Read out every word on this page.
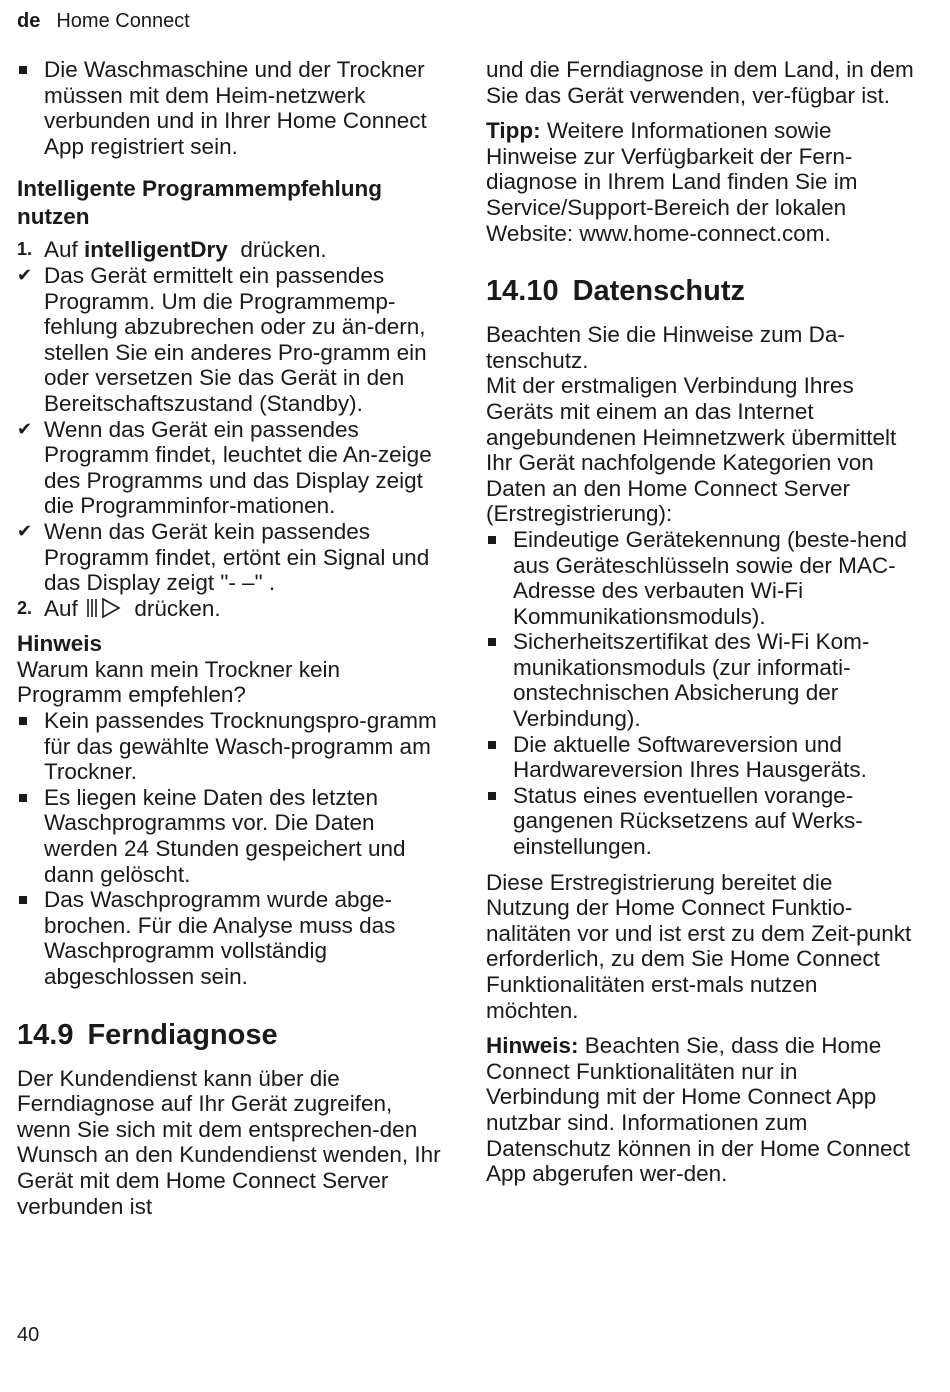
de Home Connect
Die Waschmaschine und der Trockner müssen mit dem Heim-netzwerk verbunden und in Ihrer Home Connect App registriert sein.
Intelligente Programmempfehlung nutzen
1. Auf intelligentDry drücken.
✔ Das Gerät ermittelt ein passendes Programm. Um die Programmemp-fehlung abzubrechen oder zu än-dern, stellen Sie ein anderes Pro-gramm ein oder versetzen Sie das Gerät in den Bereitschaftszustand (Standby).
✔ Wenn das Gerät ein passendes Programm findet, leuchtet die An-zeige des Programms und das Display zeigt die Programminfor-mationen.
✔ Wenn das Gerät kein passendes Programm findet, ertönt ein Signal und das Display zeigt "- –" .
2. Auf	drücken.
Hinweis

Warum kann mein Trockner kein Programm empfehlen?

Kein passendes Trocknungspro-gramm für das gewählte Wasch-programm am Trockner.
Es liegen keine Daten des letzten Waschprogramms vor. Die Daten werden 24 Stunden gespeichert und dann gelöscht.
Das Waschprogramm wurde abge-brochen. Für die Analyse muss das Waschprogramm vollständig abgeschlossen sein.
14.9 Ferndiagnose

Der Kundendienst kann über die Ferndiagnose auf Ihr Gerät zugreifen, wenn Sie sich mit dem entsprechen-den Wunsch an den Kundendienst wenden, Ihr Gerät mit dem Home Connect Server verbunden ist

und die Ferndiagnose in dem Land, in dem Sie das Gerät verwenden, ver-fügbar ist.

Tipp: Weitere Informationen sowie Hinweise zur Verfügbarkeit der Fern-diagnose in Ihrem Land finden Sie im Service/Support-Bereich der lokalen Website: www.home-connect.com.

14.10 Datenschutz

Beachten Sie die Hinweise zum Da-tenschutz.

Mit der erstmaligen Verbindung Ihres Geräts mit einem an das Internet angebundenen Heimnetzwerk übermittelt Ihr Gerät nachfolgende Kategorien von Daten an den Home Connect Server (Erstregistrierung):

Eindeutige Gerätekennung (beste-hend aus Geräteschlüsseln sowie der MAC-Adresse des verbauten Wi-Fi Kommunikationsmoduls).
Sicherheitszertifikat des Wi-Fi Kom-munikationsmoduls (zur informati-onstechnischen Absicherung der Verbindung).
Die aktuelle Softwareversion und Hardwareversion Ihres Hausgeräts.
Status eines eventuellen vorange-gangenen Rücksetzens auf Werks-einstellungen.

Diese Erstregistrierung bereitet die Nutzung der Home Connect Funktio-nalitäten vor und ist erst zu dem Zeit-punkt erforderlich, zu dem Sie Home Connect Funktionalitäten erst-mals nutzen möchten.

Hinweis: Beachten Sie, dass die Home Connect Funktionalitäten nur in Verbindung mit der Home Connect App nutzbar sind. Informationen zum Datenschutz können in der Home Connect App abgerufen wer-den.

40
